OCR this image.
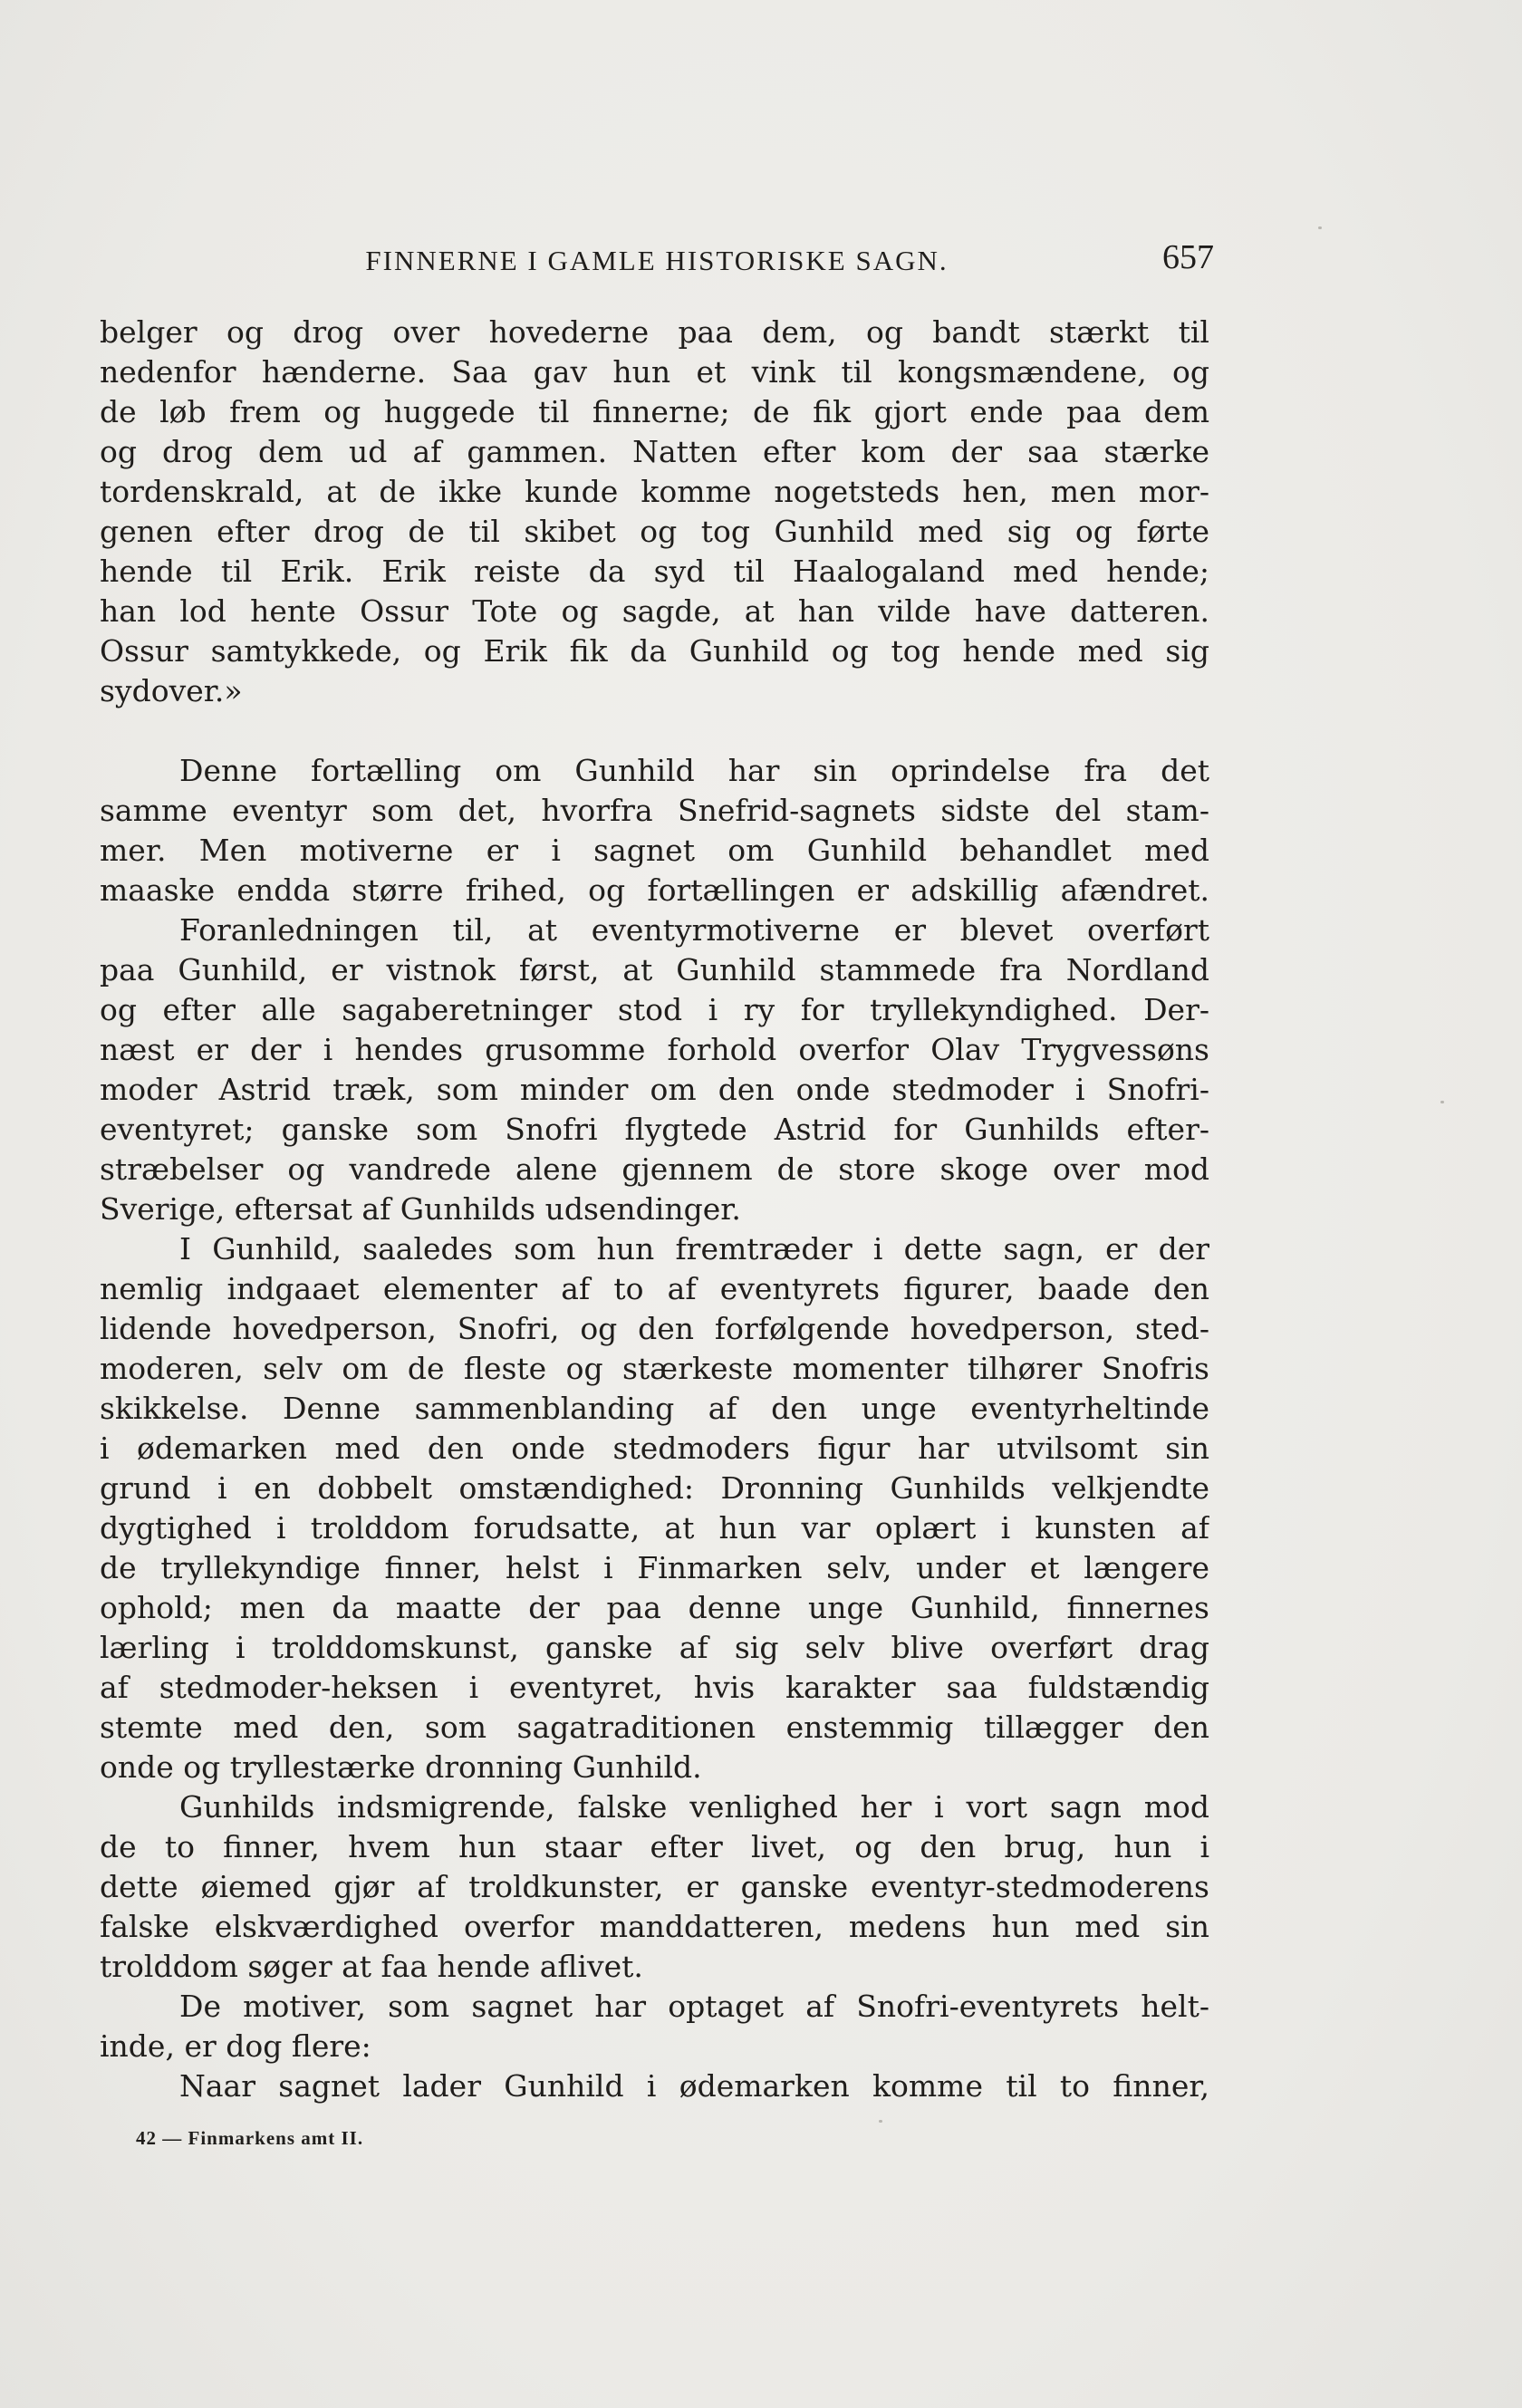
FINNERNE I GAMLE HISTORISKE SAGN.	657
belger og drog over hovederne paa dem, og bandt stærkt til
nedenfor hænderne. Saa gav hun et vink til kongsmændene, og
de løb frem og huggede til finnerne; de fik gjort ende paa dem
og drog dem ud af gammen. Natten efter kom der saa stærke
tordenskrald, at de ikke kunde komme nogetsteds hen, men mor-
genen efter drog de til skibet og tog Gunhild med sig og førte
hende til Erik. Erik reiste da syd til Haalogaland med hende;
han lod hente Ossur Tote og sagde, at han vilde have datteren.
Ossur samtykkede, og Erik fik da Gunhild og tog hende med sig
sydover.»
Denne fortælling om Gunhild har sin oprindelse fra det
samme eventyr som det, hvorfra Snefrid-sagnets sidste del stam-
mer. Men motiverne er i sagnet om Gunhild behandlet med
maaske endda større frihed, og fortællingen er adskillig afændret.
Foranledningen til, at eventyrmotiverne er blevet overført
paa Gunhild, er vistnok først, at Gunhild stammede fra Nordland
og efter alle sagaberetninger stod i ry for tryllekyndighed. Der-
næst er der i hendes grusomme forhold overfor Olav Trygvessøns
moder Astrid træk, som minder om den onde stedmoder i Snofri-
eventyret; ganske som Snofri flygtede Astrid for Gunhilds efter-
stræbelser og vandrede alene gjennem de store skoge over mod
Sverige, eftersat af Gunhilds udsendinger.
I Gunhild, saaledes som hun fremtræder i dette sagn, er der
nemlig indgaaet elementer af to af eventyrets figurer, baade den
lidende hovedperson, Snofri, og den forfølgende hovedperson, sted-
moderen, selv om de fleste og stærkeste momenter tilhører Snofris
skikkelse. Denne sammenblanding af den unge eventyrheltinde
i ødemarken med den onde stedmoders figur har utvilsomt sin
grund i en dobbelt omstændighed: Dronning Gunhilds velkjendte
dygtighed i trolddom forudsatte, at hun var oplært i kunsten af
de tryllekyndige finner, helst i Finmarken selv, under et længere
ophold; men da maatte der paa denne unge Gunhild, finnernes
lærling i trolddomskunst, ganske af sig selv blive overført drag
af stedmoder-heksen i eventyret, hvis karakter saa fuldstændig
stemte med den, som sagatraditionen enstemmig tillægger den
onde og tryllestærke dronning Gunhild.
Gunhilds indsmigrende, falske venlighed her i vort sagn mod
de to finner, hvem hun staar efter livet, og den brug, hun i
dette øiemed gjør af troldkunster, er ganske eventyr-stedmoderens
falske elskværdighed overfor manddatteren, medens hun med sin
trolddom søger at faa hende aflivet.
De motiver, som sagnet har optaget af Snofri-eventyrets helt-
inde, er dog flere:
Naar sagnet lader Gunhild i ødemarken komme til to finner,
42 — Finmarkens amt II.
